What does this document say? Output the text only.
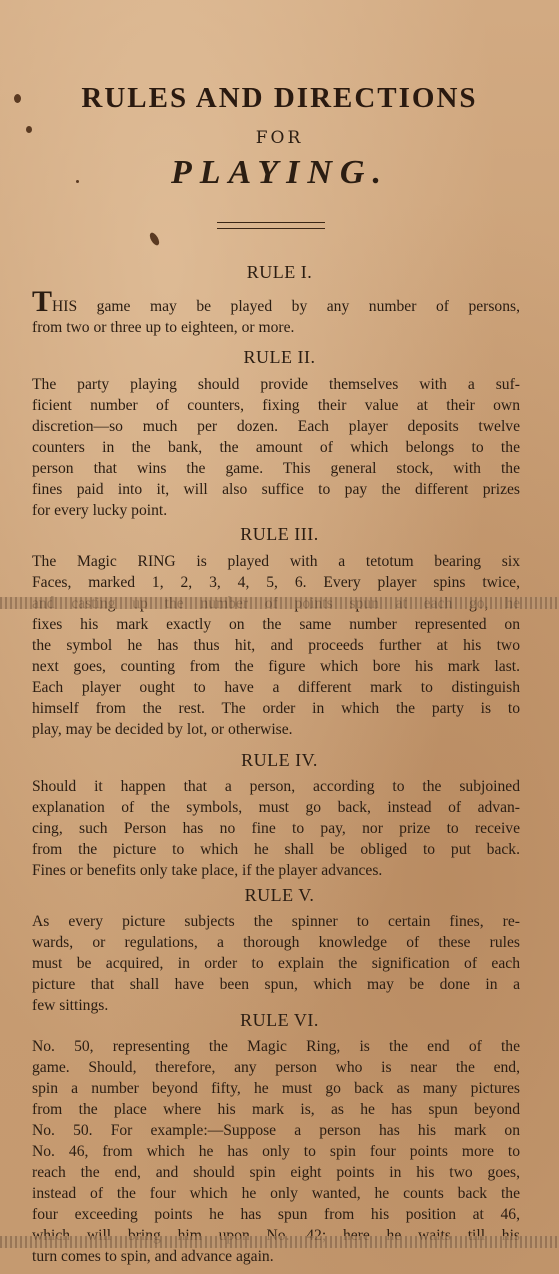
RULES AND DIRECTIONS
FOR
PLAYING.
RULE I.
THIS game may be played by any number of persons,
from two or three up to eighteen, or more.
RULE II.
The party playing should provide themselves with a suf-
ficient number of counters, fixing their value at their own
discretion—so much per dozen. Each player deposits twelve
counters in the bank, the amount of which belongs to the
person that wins the game. This general stock, with the
fines paid into it, will also suffice to pay the different prizes
for every lucky point.
RULE III.
The Magic RING is played with a tetotum bearing six
Faces, marked 1, 2, 3, 4, 5, 6. Every player spins twice,
fixes his mark exactly on the same number represented on
the symbol he has thus hit, and proceeds further at his two
next goes, counting from the figure which bore his mark last.
Each player ought to have a different mark to distinguish
himself from the rest. The order in which the party is to
play, may be decided by lot, or otherwise.
RULE IV.
Should it happen that a person, according to the subjoined
explanation of the symbols, must go back, instead of advan-
cing, such Person has no fine to pay, nor prize to receive
from the picture to which he shall be obliged to put back.
Fines or benefits only take place, if the player advances.
RULE V.
As every picture subjects the spinner to certain fines, re-
wards, or regulations, a thorough knowledge of these rules
must be acquired, in order to explain the signification of each
picture that shall have been spun, which may be done in a
few sittings.
RULE VI.
No. 50, representing the Magic Ring, is the end of the
game. Should, therefore, any person who is near the end,
spin a number beyond fifty, he must go back as many pictures
from the place where his mark is, as he has spun beyond
No. 50. For example:—Suppose a person has his mark on
No. 46, from which he has only to spin four points more to
reach the end, and should spin eight points in his two goes,
instead of the four which he only wanted, he counts back the
four exceeding points he has spun from his position at 46,
turn comes to spin, and advance again.
